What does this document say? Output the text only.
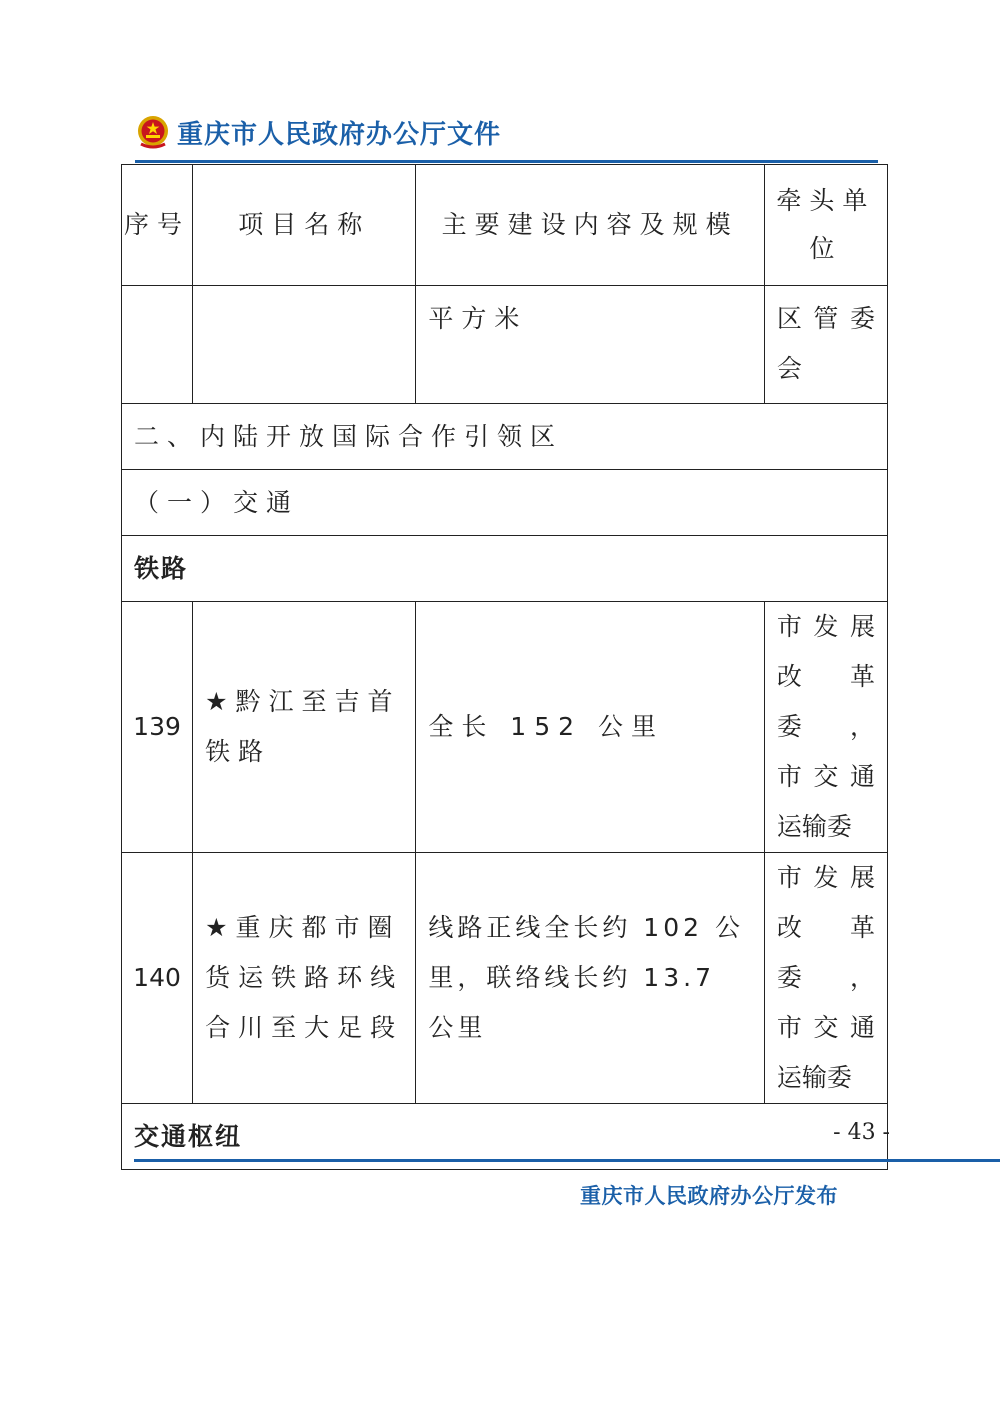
重庆市人民政府办公厅文件
序号	项目名称	主要建设内容及规模	牵头单位
		平方米	区 管 委
会

二、内陆开放国际合作引领区			
（一）交通			
铁路			
139	★黔江至吉首铁路	全长 152 公里	市 发 展
改革委，
市 交 通
运输委

140	★重庆都市圈货运铁路环线合川至大足段	线路正线全长约 102 公里，联络线长约 13.7 公里	市 发 展
改革委，
市 交 通
运输委

交通枢纽				- 43 -
重庆市人民政府办公厅发布
